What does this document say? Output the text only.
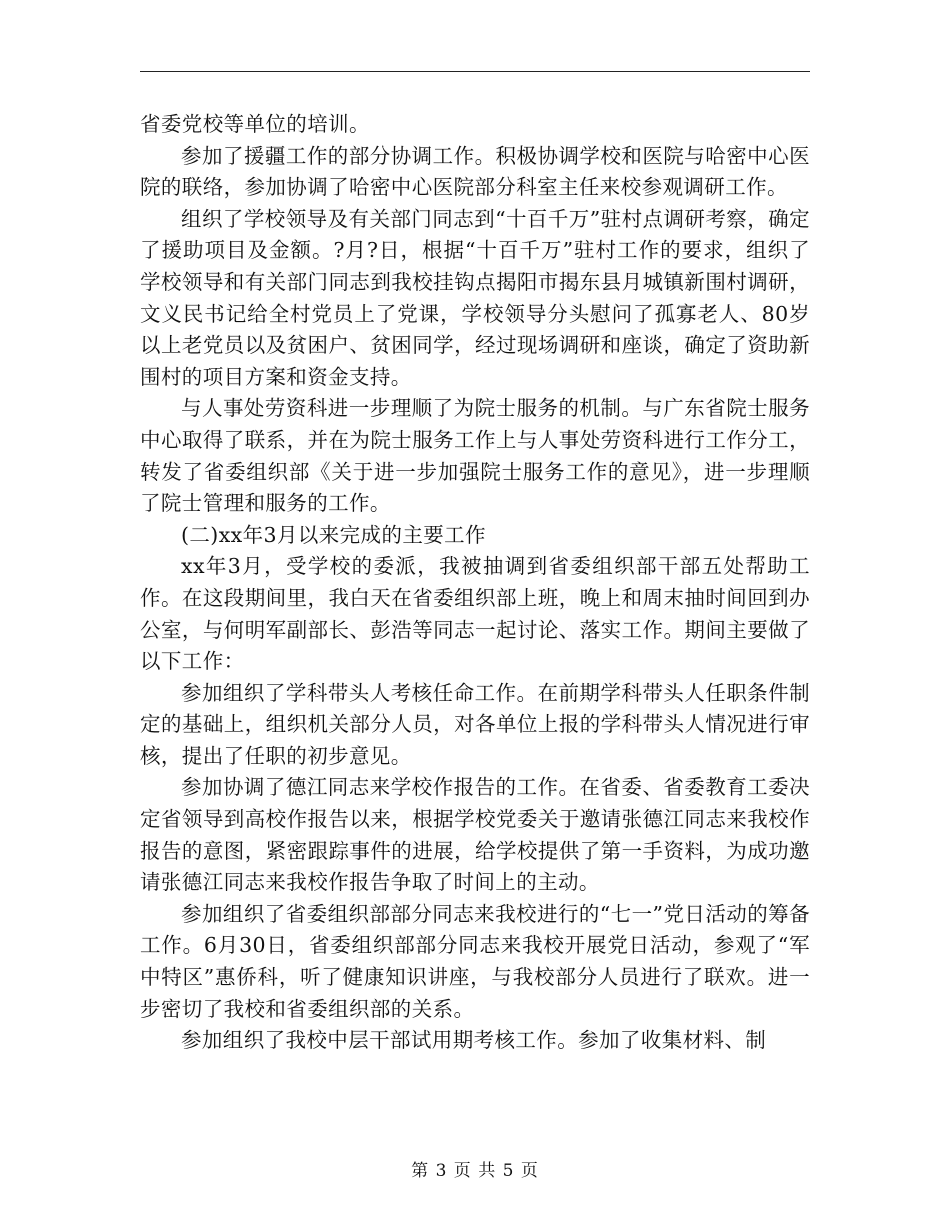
省委党校等单位的培训。

参加了援疆工作的部分协调工作。积极协调学校和医院与哈密中心医院的联络，参加协调了哈密中心医院部分科室主任来校参观调研工作。

组织了学校领导及有关部门同志到“十百千万”驻村点调研考察，确定了援助项目及金额。?月?日，根据“十百千万”驻村工作的要求，组织了学校领导和有关部门同志到我校挂钩点揭阳市揭东县月城镇新围村调研，文义民书记给全村党员上了党课，学校领导分头慰问了孤寡老人、80岁以上老党员以及贫困户、贫困同学，经过现场调研和座谈，确定了资助新围村的项目方案和资金支持。

与人事处劳资科进一步理顺了为院士服务的机制。与广东省院士服务中心取得了联系，并在为院士服务工作上与人事处劳资科进行工作分工，转发了省委组织部《关于进一步加强院士服务工作的意见》，进一步理顺了院士管理和服务的工作。

(二)xx年3月以来完成的主要工作

xx年3月，受学校的委派，我被抽调到省委组织部干部五处帮助工作。在这段期间里，我白天在省委组织部上班，晚上和周末抽时间回到办公室，与何明军副部长、彭浩等同志一起讨论、落实工作。期间主要做了以下工作：

参加组织了学科带头人考核任命工作。在前期学科带头人任职条件制定的基础上，组织机关部分人员，对各单位上报的学科带头人情况进行审核，提出了任职的初步意见。

参加协调了德江同志来学校作报告的工作。在省委、省委教育工委决定省领导到高校作报告以来，根据学校党委关于邀请张德江同志来我校作报告的意图，紧密跟踪事件的进展，给学校提供了第一手资料，为成功邀请张德江同志来我校作报告争取了时间上的主动。

参加组织了省委组织部部分同志来我校进行的“七一”党日活动的筹备工作。6月30日，省委组织部部分同志来我校开展党日活动，参观了“军中特区”惠侨科，听了健康知识讲座，与我校部分人员进行了联欢。进一步密切了我校和省委组织部的关系。

参加组织了我校中层干部试用期考核工作。参加了收集材料、制

第 3 页 共 5 页
